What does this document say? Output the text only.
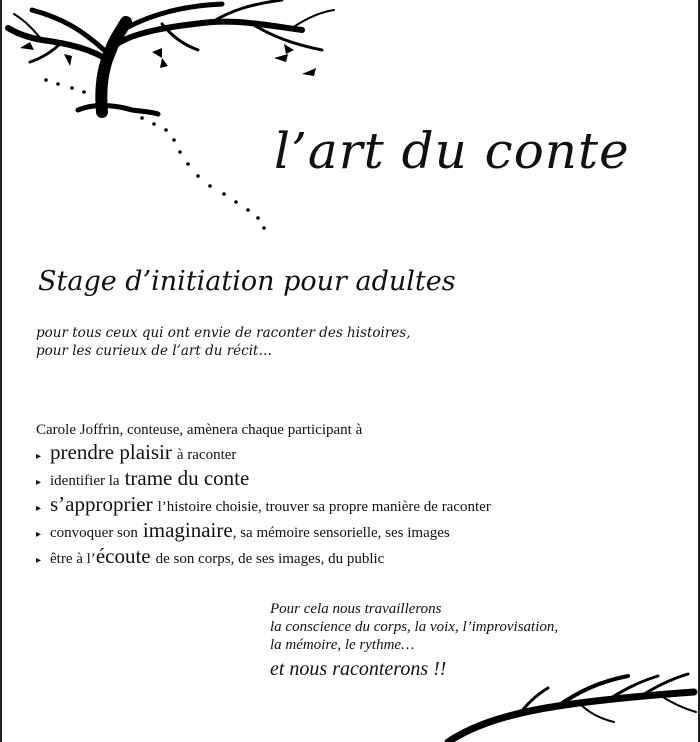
l’art du conte
Stage d’initiation pour adultes
pour tous ceux qui ont envie de raconter des histoires,
pour les curieux de l’art du récit…
Carole Joffrin, conteuse, amènera chaque participant à
▸ prendre plaisir à raconter
▸ identifier la trame du conte
▸ s’approprier l’histoire choisie, trouver sa propre manière de raconter
▸ convoquer son imaginaire , sa mémoire sensorielle, ses images
▸ être à l’ écoute de son corps, de ses images, du public
Pour cela nous travaillerons
la conscience du corps, la voix, l’improvisation,
la mémoire, le rythme…
et nous raconterons !!
